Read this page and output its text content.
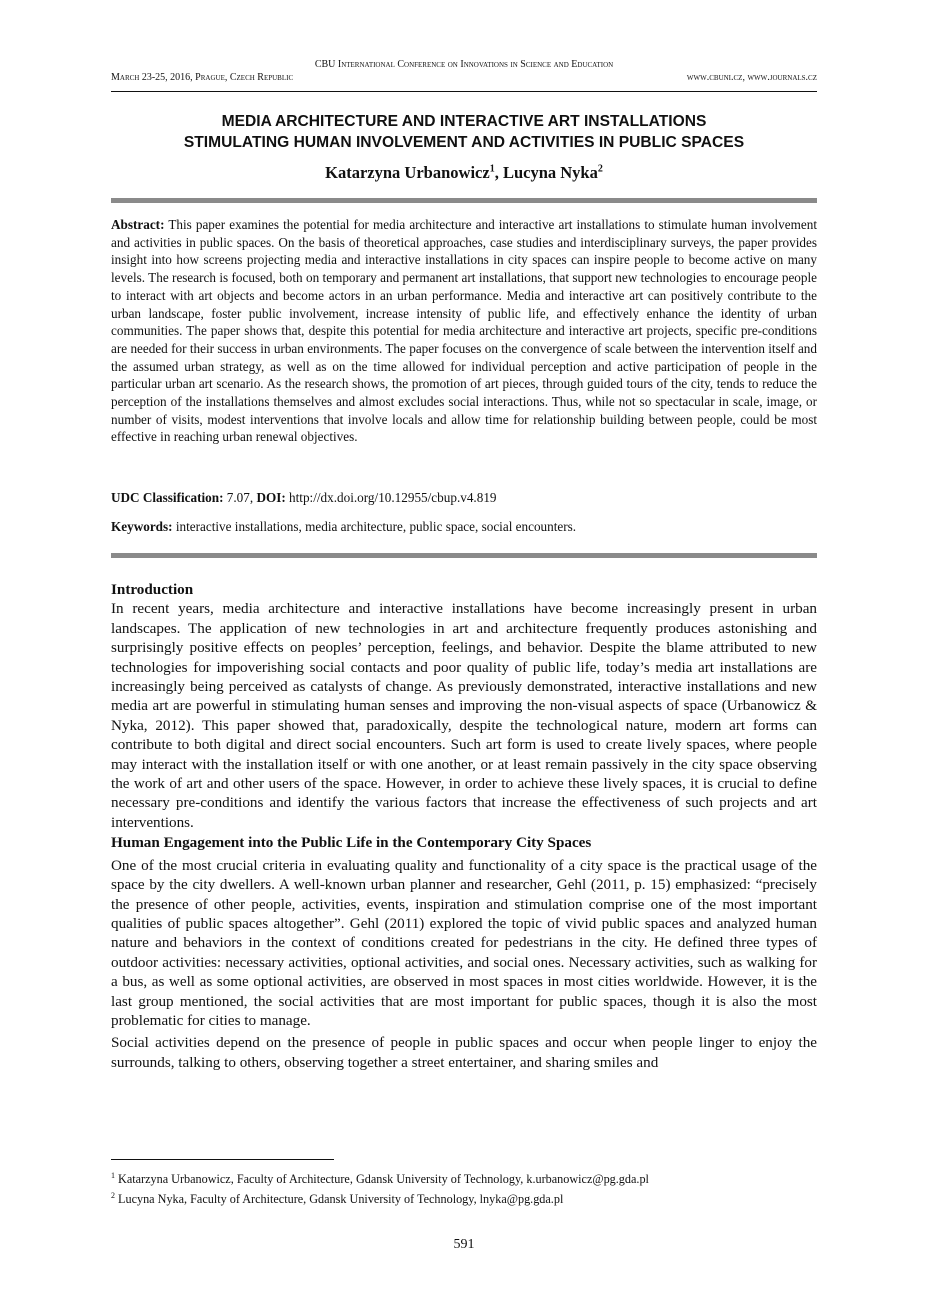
CBU International Conference on Innovations in Science and Education
March 23-25, 2016, Prague, Czech Republic	www.cbuni.cz, www.journals.cz
MEDIA ARCHITECTURE AND INTERACTIVE ART INSTALLATIONS
STIMULATING HUMAN INVOLVEMENT AND ACTIVITIES IN PUBLIC SPACES
Katarzyna Urbanowicz$^1$, Lucyna Nyka$^2$

Abstract: This paper examines the potential for media architecture and interactive art installations to stimulate human involvement and activities in public spaces. On the basis of theoretical approaches, case studies and interdisciplinary surveys, the paper provides insight into how screens projecting media and interactive installations in city spaces can inspire people to become active on many levels. The research is focused, both on temporary and permanent art installations, that support new technologies to encourage people to interact with art objects and become actors in an urban performance. Media and interactive art can positively contribute to the urban landscape, foster public involvement, increase intensity of public life, and effectively enhance the identity of urban communities. The paper shows that, despite this potential for media architecture and interactive art projects, specific pre-conditions are needed for their success in urban environments. The paper focuses on the convergence of scale between the intervention itself and the assumed urban strategy, as well as on the time allowed for individual perception and active participation of people in the particular urban art scenario. As the research shows, the promotion of art pieces, through guided tours of the city, tends to reduce the perception of the installations themselves and almost excludes social interactions. Thus, while not so spectacular in scale, image, or number of visits, modest interventions that involve locals and allow time for relationship building between people, could be most effective in reaching urban renewal objectives.

UDC Classification: 7.07, DOI: http://dx.doi.org/10.12955/cbup.v4.819
Keywords: interactive installations, media architecture, public space, social encounters.
Introduction

In recent years, media architecture and interactive installations have become increasingly present in urban landscapes. The application of new technologies in art and architecture frequently produces astonishing and surprisingly positive effects on peoples’ perception, feelings, and behavior. Despite the blame attributed to new technologies for impoverishing social contacts and poor quality of public life, today’s media art installations are increasingly being perceived as catalysts of change. As previously demonstrated, interactive installations and new media art are powerful in stimulating human senses and improving the non-visual aspects of space (Urbanowicz & Nyka, 2012). This paper showed that, paradoxically, despite the technological nature, modern art forms can contribute to both digital and direct social encounters. Such art form is used to create lively spaces, where people may interact with the installation itself or with one another, or at least remain passively in the city space observing the work of art and other users of the space. However, in order to achieve these lively spaces, it is crucial to define necessary pre-conditions and identify the various factors that increase the effectiveness of such projects and art interventions.

Human Engagement into the Public Life in the Contemporary City Spaces

One of the most crucial criteria in evaluating quality and functionality of a city space is the practical usage of the space by the city dwellers. A well-known urban planner and researcher, Gehl (2011, p. 15) emphasized: “precisely the presence of other people, activities, events, inspiration and stimulation comprise one of the most important qualities of public spaces altogether”. Gehl (2011) explored the topic of vivid public spaces and analyzed human nature and behaviors in the context of conditions created for pedestrians in the city. He defined three types of outdoor activities: necessary activities, optional activities, and social ones. Necessary activities, such as walking for a bus, as well as some optional activities, are observed in most spaces in most cities worldwide. However, it is the last group mentioned, the social activities that are most important for public spaces, though it is also the most problematic for cities to manage.

Social activities depend on the presence of people in public spaces and occur when people linger to enjoy the surrounds, talking to others, observing together a street entertainer, and sharing smiles and

$^1$ Katarzyna Urbanowicz, Faculty of Architecture, Gdansk University of Technology, k.urbanowicz@pg.gda.pl
$^2$ Lucyna Nyka, Faculty of Architecture, Gdansk University of Technology, lnyka@pg.gda.pl
591
